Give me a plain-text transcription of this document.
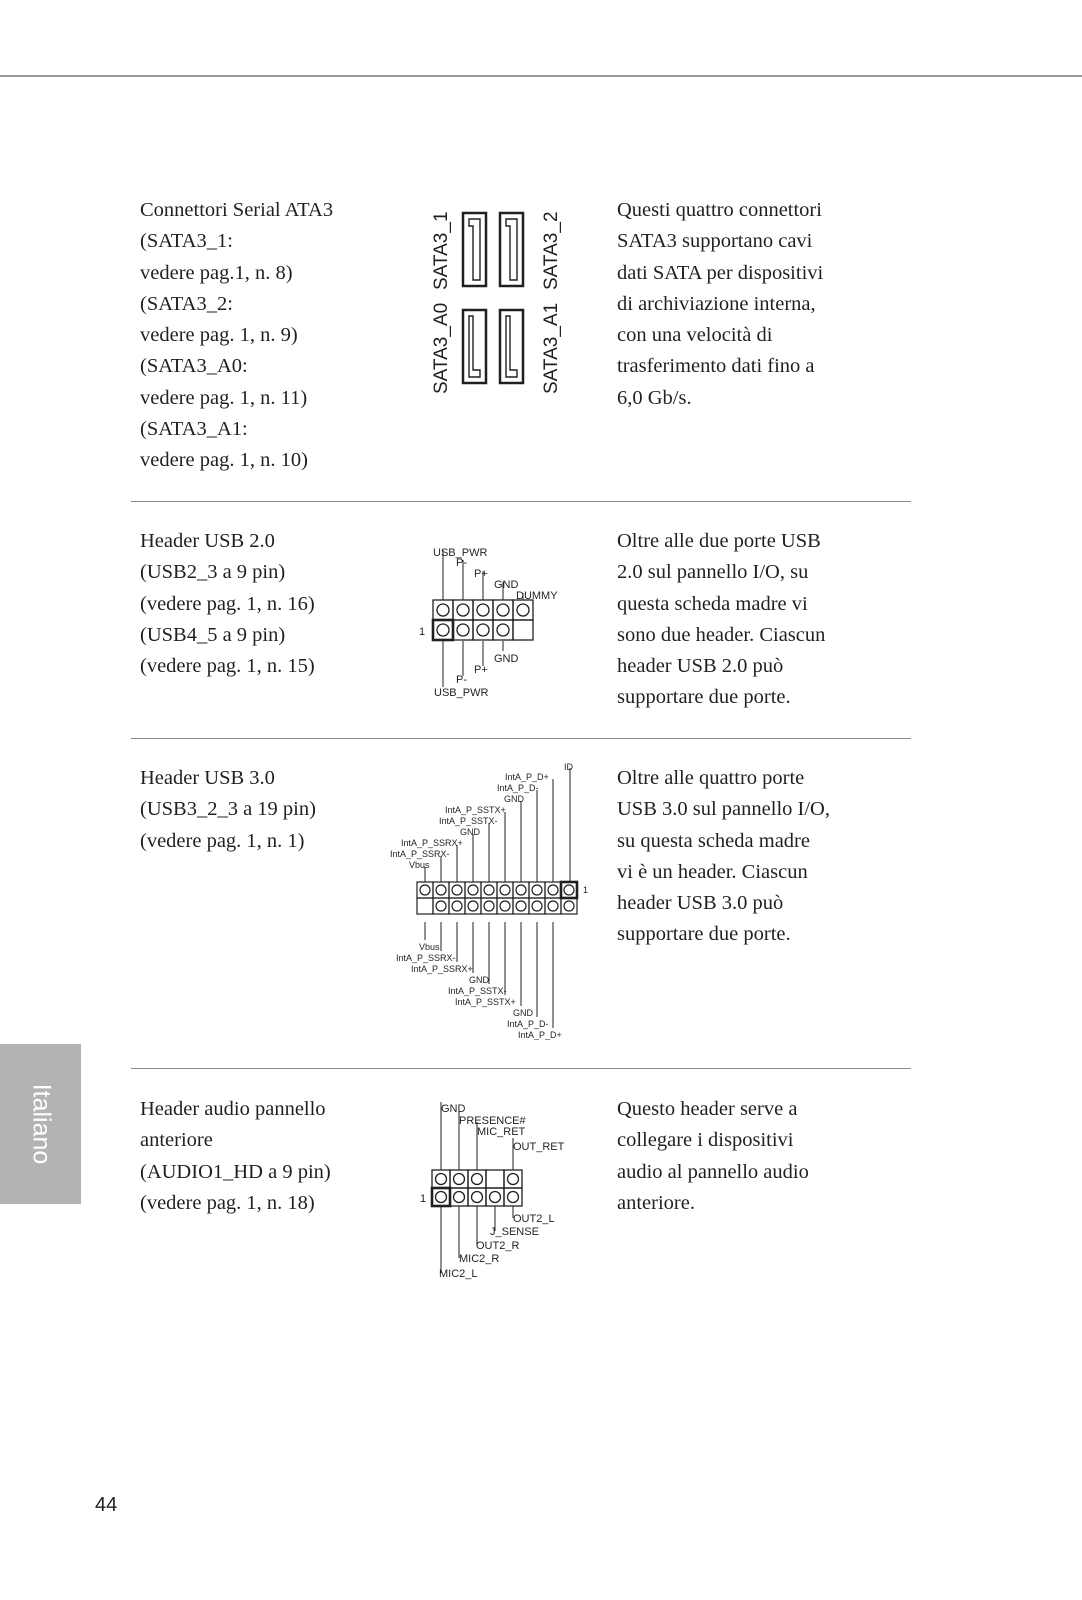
Connettori Serial ATA3
(SATA3_1:
vedere pag.1, n. 8)
(SATA3_2:
vedere pag. 1, n. 9)
(SATA3_A0:
vedere pag. 1, n. 11)
(SATA3_A1:
vedere pag. 1, n. 10)
SATA3_1	SATA3_2
SATA3_A0	SATA3_A1
Questi quattro connettori
SATA3 supportano cavi
dati SATA per dispositivi
di archiviazione interna,
con una velocità di
trasferimento dati fino a
6,0 Gb/s.
Header USB 2.0
(USB2_3 a 9 pin)
(vedere pag. 1, n. 16)
(USB4_5 a 9 pin)
(vedere pag. 1, n. 15)
USB_PWR
P-
P+
GND
DUMMY
1
GND
P+
P-
USB_PWR
Oltre alle due porte USB
2.0 sul pannello I/O, su
questa scheda madre vi
sono due header. Ciascun
header USB 2.0 può
supportare due porte.
Header USB 3.0
(USB3_2_3 a 19 pin)
(vedere pag. 1, n. 1)
ID
IntA_P_D+
IntA_P_D-
GND
IntA_P_SSTX+
IntA_P_SSTX-
GND
IntA_P_SSRX+
IntA_P_SSRX-
Vbus
1
Vbus
IntA_P_SSRX-
IntA_P_SSRX+
GND
IntA_P_SSTX-
IntA_P_SSTX+
GND
IntA_P_D-
IntA_P_D+
Oltre alle quattro porte
USB 3.0 sul pannello I/O,
su questa scheda madre
vi è un header. Ciascun
header USB 3.0 può
supportare due porte.
Header audio pannello
anteriore
(AUDIO1_HD a 9 pin)
(vedere pag. 1, n. 18)
GND
PRESENCE#
MIC_RET
OUT_RET
1
OUT2_L
J_SENSE
OUT2_R
MIC2_R
MIC2_L
Questo header serve a
collegare i dispositivi
audio al pannello audio
anteriore.
Italiano
44
